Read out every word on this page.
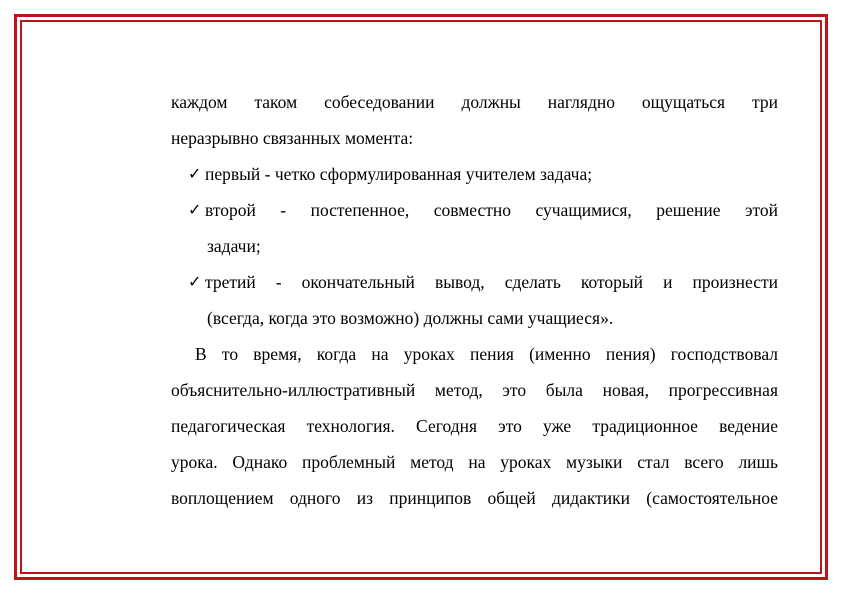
каждом таком собеседовании должны наглядно ощущаться три
неразрывно связанных момента:
✓ первый - четко сформулированная учителем задача;
✓ второй - постепенное, совместно сучащимися, решение этой
задачи;
✓ третий - окончательный вывод, сделать который и произнести
(всегда, когда это возможно) должны сами учащиеся».
В то время, когда на уроках пения (именно пения) господствовал
объяснительно-иллюстративный метод, это была новая, прогрессивная
педагогическая технология. Сегодня это уже традиционное ведение
урока. Однако проблемный метод на уроках музыки стал всего лишь
воплощением одного из принципов общей дидактики (самостоятельное
